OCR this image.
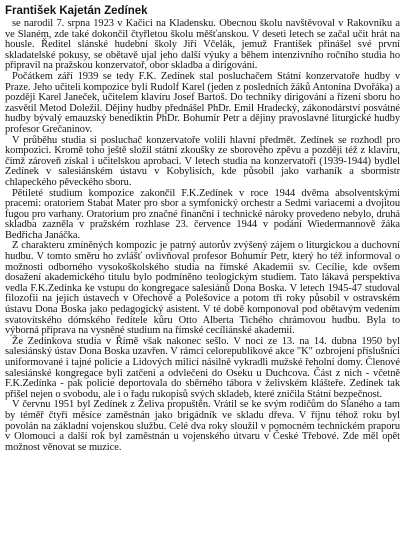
František Kajetán Zedínek

se narodil 7. srpna 1923 v Kačici na Kladensku. Obecnou školu navštěvoval v Rakovníku a ve Slaném, zde také dokončil čtyřletou školu měšťanskou. V deseti letech se začal učit hrát na housle. Ředitel slánské hudební školy Jiří Včelák, jemuž František přinášel své první skladatelské pokusy, se obětavě ujal jeho další výuky a během intenzivního ročního studia ho připravil na pražskou konzervatoř, obor skladba a dirigování.

Počátkem září 1939 se tedy F.K. Zedínek stal posluchačem Státní konzervatoře hudby v Praze. Jeho učiteli kompozice byli Rudolf Karel (jeden z posledních žáků Antonína Dvořáka) a později Karel Janeček, učitelem klavíru Josef Bartoš. Do techniky dirigování a řízení sboru ho zasvětil Metod Doležil. Dějiny hudby přednášel PhDr. Emil Hradecký, zákonodárství posvátné hudby bývalý emauzský benediktin PhDr. Bohumír Petr a dějiny pravoslavné liturgické hudby profesor Grečaninov.

V průběhu studia si posluchač konzervatoře volili hlavní předmět. Zedínek se rozhodl pro kompozici. Kromě toho ještě složil státní zkoušky ze sborového zpěvu a později též z klavíru, čímž zároveň získal i učitelskou aprobaci. V letech studia na konzervatoři (1939-1944) bydlel Zedínek v salesiánském ústavu v Kobylisích, kde působil jako varhaník a sbormistr chlapeckého pěveckého sboru.

Pětileté studium kompozice zakončil F.K.Zedínek v roce 1944 dvěma absolventskými pracemi: oratoriem Stabat Mater pro sbor a symfonický orchestr a Sedmi variacemi a dvojitou fugou pro varhany. Oratorium pro značné finanční i technické nároky provedeno nebylo, druhá skladba zazněla v pražském rozhlase 23. července 1944 v podání Wiedermannově žáka Bedřicha Janáčka.

Z charakteru zmíněných kompozic je patrný autorův zvýšený zájem o liturgickou a duchovní hudbu. V tomto směru ho zvlášť ovlivňoval profesor Bohumír Petr, který ho též informoval o možnosti odborného vysokoškolského studia na římské Akademii sv. Cecílie, kde ovšem dosažení akademického titulu bylo podmíněno teologickým studiem. Tato lákavá perspektiva vedla F.K.Zedínka ke vstupu do kongregace salesiánů Dona Boska. V letech 1945-47 studoval filozofii na jejích ústavech v Ořechově a Polešovice a potom tři roky působil v ostravském ústavu Dona Boska jako pedagogický asistent. V té době komponoval pod obětavým vedením svatovítského dómského ředitele kůru Otto Alberta Tichého chrámovou hudbu. Byla to výborná příprava na vysněné studium na římské cecíliánské akademii.

Že Zedínkova studia v Římě však nakonec sešlo. V noci ze 13. na 14. dubna 1950 byl salesiánský ústav Dona Boska uzavřen. V rámci celorepublikové akce "K" ozbrojení příslušníci uniformované i tajné policie a Lidových milicí násilně vykradli mužské řeholní domy. Členové salesiánské kongregace byli zatčeni a odvlečeni do Oseku u Duchcova. Část z nich - včetně F.K.Zedínka - pak policie deportovala do sběrného tábora v želivském klášteře. Zedínek tak přišel nejen o svobodu, ale i o řadu rukopisů svých skladeb, které zničila Státní bezpečnost.

V červnu 1951 byl Zedínek z Želiva propuštěn. Vrátil se ke svým rodičům do Slaného a tam by téměř čtyři měsíce zaměstnán jako brigádník ve skladu dřeva. V říjnu téhož roku byl povolán na základní vojenskou službu. Celé dva roky sloužil v pomocném technickém praporu v Olomouci a další rok byl zaměstnán u vojenského útvaru v České Třebové. Zde měl opět možnost věnovat se muzice.
